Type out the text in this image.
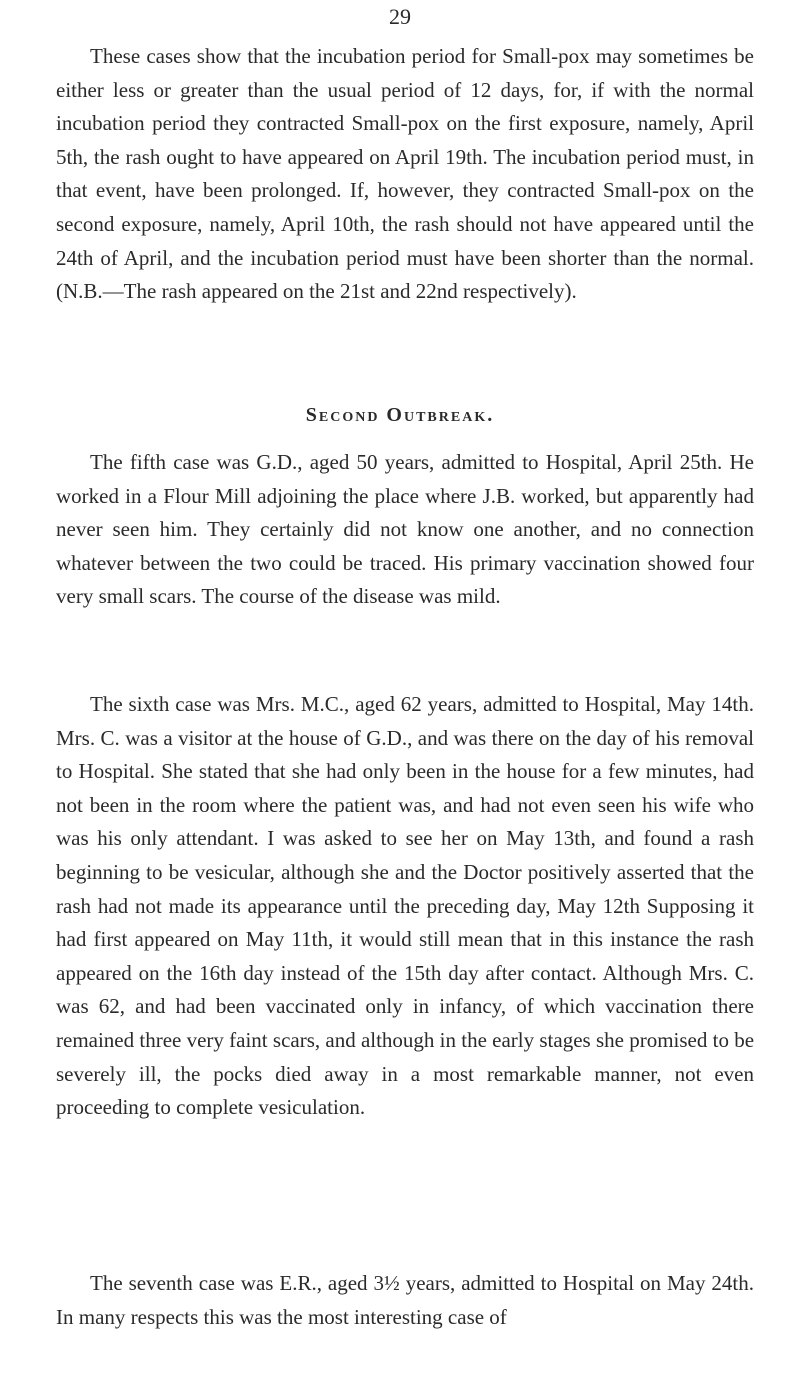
29

These cases show that the incubation period for Small-pox may sometimes be either less or greater than the usual period of 12 days, for, if with the normal incubation period they contracted Small-pox on the first exposure, namely, April 5th, the rash ought to have appeared on April 19th. The incubation period must, in that event, have been prolonged. If, however, they contracted Small-pox on the second exposure, namely, April 10th, the rash should not have appeared until the 24th of April, and the incubation period must have been shorter than the normal. (N.B.—The rash appeared on the 21st and 22nd respectively).

Second Outbreak.

The fifth case was G.D., aged 50 years, admitted to Hospital, April 25th. He worked in a Flour Mill adjoining the place where J.B. worked, but apparently had never seen him. They certainly did not know one another, and no connection whatever between the two could be traced. His primary vaccination showed four very small scars. The course of the disease was mild.

The sixth case was Mrs. M.C., aged 62 years, admitted to Hospital, May 14th. Mrs. C. was a visitor at the house of G.D., and was there on the day of his removal to Hospital. She stated that she had only been in the house for a few minutes, had not been in the room where the patient was, and had not even seen his wife who was his only attendant. I was asked to see her on May 13th, and found a rash beginning to be vesicular, although she and the Doctor positively asserted that the rash had not made its appearance until the preceding day, May 12th Supposing it had first appeared on May 11th, it would still mean that in this instance the rash appeared on the 16th day instead of the 15th day after contact. Although Mrs. C. was 62, and had been vaccinated only in infancy, of which vaccination there remained three very faint scars, and although in the early stages she promised to be severely ill, the pocks died away in a most remarkable manner, not even proceeding to complete vesiculation.

The seventh case was E.R., aged 3½ years, admitted to Hospital on May 24th. In many respects this was the most interesting case of
